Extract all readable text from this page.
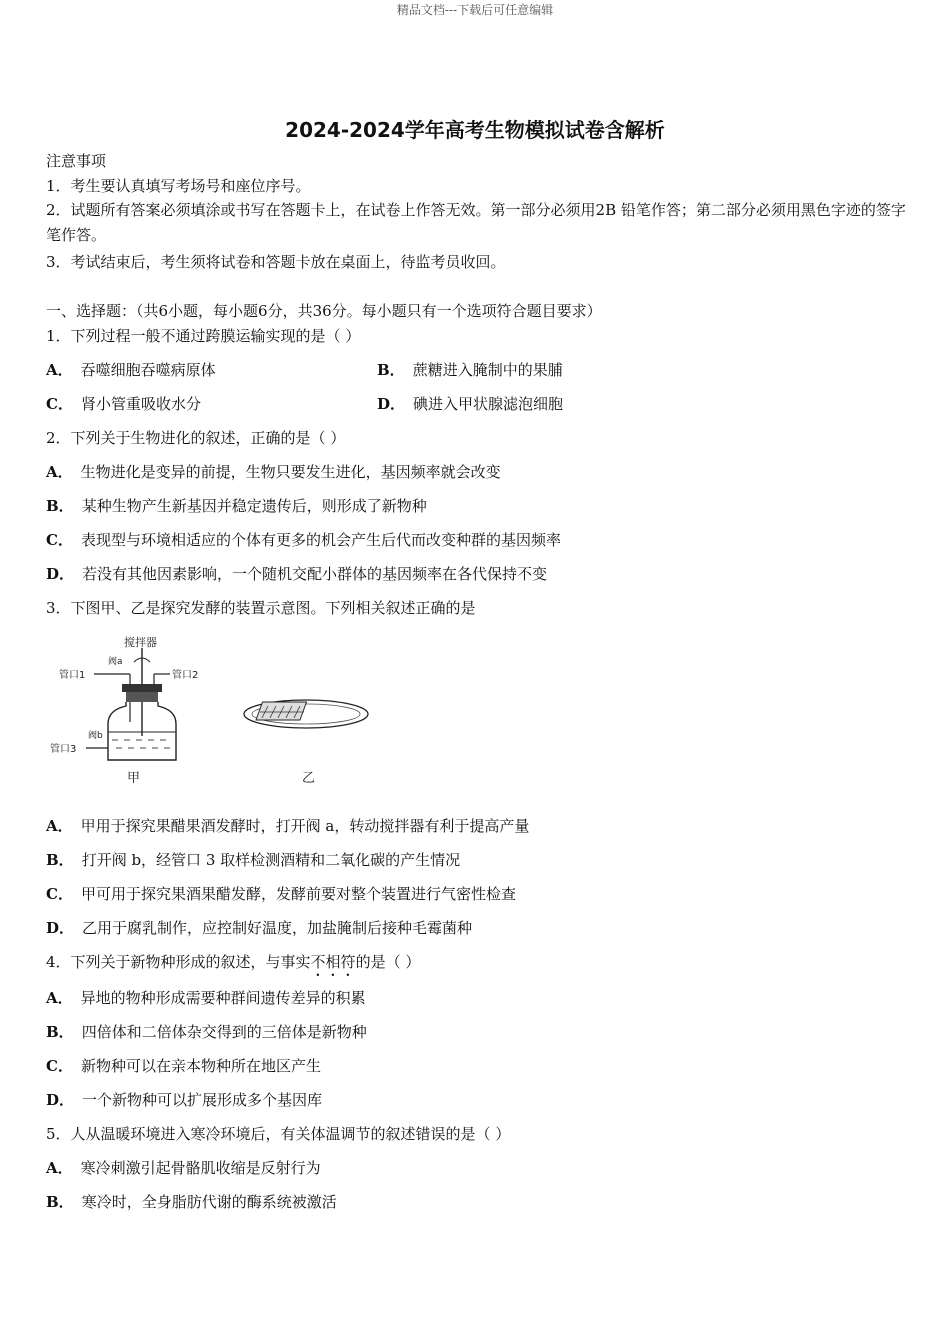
精品文档---下载后可任意编辑
2024-2024学年高考生物模拟试卷含解析
注意事项
1．考生要认真填写考场号和座位序号。
2．试题所有答案必须填涂或书写在答题卡上，在试卷上作答无效。第一部分必须用2B 铅笔作答；第二部分必须用黑色字迹的签字笔作答。
3．考试结束后，考生须将试卷和答题卡放在桌面上，待监考员收回。
一、选择题：（共6小题，每小题6分，共36分。每小题只有一个选项符合题目要求）
1．下列过程一般不通过跨膜运输实现的是（ ）
A． 吞噬细胞吞噬病原体	B． 蔗糖进入腌制中的果脯
C． 肾小管重吸收水分	D． 碘进入甲状腺滤泡细胞
2．下列关于生物进化的叙述，正确的是（ ）
A． 生物进化是变异的前提，生物只要发生进化，基因频率就会改变
B． 某种生物产生新基因并稳定遗传后，则形成了新物种
C． 表现型与环境相适应的个体有更多的机会产生后代而改变种群的基因频率
D． 若没有其他因素影响，一个随机交配小群体的基因频率在各代保持不变
3．下图甲、乙是探究发酵的装置示意图。下列相关叙述正确的是
搅拌器
阀a
管口1	管口2
阀b
管口3
甲	乙
A． 甲用于探究果醋果酒发酵时，打开阀 a，转动搅拌器有利于提高产量
B． 打开阀 b，经管口 3 取样检测酒精和二氧化碳的产生情况
C． 甲可用于探究果酒果醋发酵，发酵前要对整个装置进行气密性检查
D． 乙用于腐乳制作，应控制好温度，加盐腌制后接种毛霉菌种
4．下列关于新物种形成的叙述，与事实不相符的是（ ）
A． 异地的物种形成需要种群间遗传差异的积累
B． 四倍体和二倍体杂交得到的三倍体是新物种
C． 新物种可以在亲本物种所在地区产生
D． 一个新物种可以扩展形成多个基因库
5．人从温暖环境进入寒冷环境后，有关体温调节的叙述错误的是（ ）
A． 寒冷刺激引起骨骼肌收缩是反射行为
B． 寒冷时，全身脂肪代谢的酶系统被激活
